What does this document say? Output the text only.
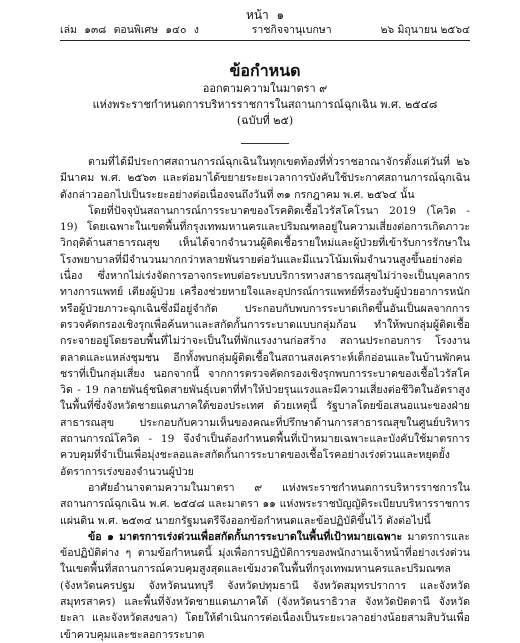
หน้า ๑
เล่ม ๑๓๘ ตอนพิเศษ ๑๔๐ ง	ราชกิจจานุเบกษา	๒๖ มิถุนายน ๒๕๖๔
ข้อกำหนด
ออกตามความในมาตรา ๙
แห่งพระราชกำหนดการบริหารราชการในสถานการณ์ฉุกเฉิน พ.ศ. ๒๕๔๘
(ฉบับที่ ๒๕)

ตามที่ได้มีประกาศสถานการณ์ฉุกเฉินในทุกเขตท้องที่ทั่วราชอาณาจักรตั้งแต่วันที่ ๒๖ มีนาคม พ.ศ. ๒๕๖๓ และต่อมาได้ขยายระยะเวลาการบังคับใช้ประกาศสถานการณ์ฉุกเฉินดังกล่าวออกไปเป็นระยะอย่างต่อเนื่องจนถึงวันที่ ๓๑ กรกฎาคม พ.ศ. ๒๕๖๔ นั้น

โดยที่ปัจจุบันสถานการณ์การระบาดของโรคติดเชื้อไวรัสโคโรนา 2019 (โควิด - 19) โดยเฉพาะในเขตพื้นที่กรุงเทพมหานครและปริมณฑลอยู่ในความเสี่ยงต่อการเกิดภาวะวิกฤติด้านสาธารณสุข เห็นได้จากจำนวนผู้ติดเชื้อรายใหม่และผู้ป่วยที่เข้ารับการรักษาในโรงพยาบาลที่มีจำนวนมากกว่าหลายพันรายต่อวันและมีแนวโน้มเพิ่มจำนวนสูงขึ้นอย่างต่อเนื่อง ซึ่งหากไม่เร่งจัดการอาจกระทบต่อระบบบริการทางสาธารณสุขไม่ว่าจะเป็นบุคลากรทางการแพทย์ เตียงผู้ป่วย เครื่องช่วยหายใจและอุปกรณ์การแพทย์ที่รองรับผู้ป่วยอาการหนักหรือผู้ป่วยภาวะฉุกเฉินซึ่งมีอยู่จำกัด ประกอบกับพบการระบาดเกิดขึ้นอันเป็นผลจากการตรวจคัดกรองเชิงรุกเพื่อค้นหาและสกัดกั้นการระบาดแบบกลุ่มก้อน ทำให้พบกลุ่มผู้ติดเชื้อกระจายอยู่โดยรอบพื้นที่ไม่ว่าจะเป็นในที่พักแรงงานก่อสร้าง สถานประกอบการ โรงงาน ตลาดและแหล่งชุมชน อีกทั้งพบกลุ่มผู้ติดเชื้อในสถานสงเคราะห์เด็กอ่อนและในบ้านพักคนชราที่เป็นกลุ่มเสี่ยง นอกจากนี้ จากการตรวจคัดกรองเชิงรุกพบการระบาดของเชื้อไวรัสโควิด - 19 กลายพันธุ์ชนิดสายพันธุ์เบตาที่ทำให้ป่วยรุนแรงและมีความเสี่ยงต่อชีวิตในอัตราสูงในพื้นที่ซึ่งจังหวัดชายแดนภาคใต้ของประเทศ ด้วยเหตุนี้ รัฐบาลโดยข้อเสนอแนะของฝ่ายสาธารณสุข ประกอบกับความเห็นของคณะที่ปรึกษาด้านการสาธารณสุขในศูนย์บริหารสถานการณ์โควิด - 19 จึงจำเป็นต้องกำหนดพื้นที่เป้าหมายเฉพาะและบังคับใช้มาตรการควบคุมที่จำเป็นเพื่อมุ่งชะลอและสกัดกั้นการระบาดของเชื้อโรคอย่างเร่งด่วนและหยุดยั้งอัตราการเร่งของจำนวนผู้ป่วย

อาศัยอำนาจตามความในมาตรา ๙ แห่งพระราชกำหนดการบริหารราชการในสถานการณ์ฉุกเฉิน พ.ศ. ๒๕๔๘ และมาตรา ๑๑ แห่งพระราชบัญญัติระเบียบบริหารราชการแผ่นดิน พ.ศ. ๒๕๓๔ นายกรัฐมนตรีจึงออกข้อกำหนดและข้อปฏิบัติขึ้นไว้ ดังต่อไปนี้

ข้อ ๑ มาตรการเร่งด่วนเพื่อสกัดกั้นการระบาดในพื้นที่เป้าหมายเฉพาะ มาตรการและข้อปฏิบัติต่าง ๆ ตามข้อกำหนดนี้ มุ่งเพื่อการปฏิบัติการของพนักงานเจ้าหน้าที่อย่างเร่งด่วนในเขตพื้นที่สถานการณ์ควบคุมสูงสุดและเข้มงวดในพื้นที่กรุงเทพมหานครและปริมณฑล (จังหวัดนครปฐม จังหวัดนนทบุรี จังหวัดปทุมธานี จังหวัดสมุทรปราการ และจังหวัดสมุทรสาคร) และพื้นที่จังหวัดชายแดนภาคใต้ (จังหวัดนราธิวาส จังหวัดปัตตานี จังหวัดยะลา และจังหวัดสงขลา) โดยให้ดำเนินการต่อเนื่องเป็นระยะเวลาอย่างน้อยสามสิบวันเพื่อเข้าควบคุมและชะลอการระบาด
